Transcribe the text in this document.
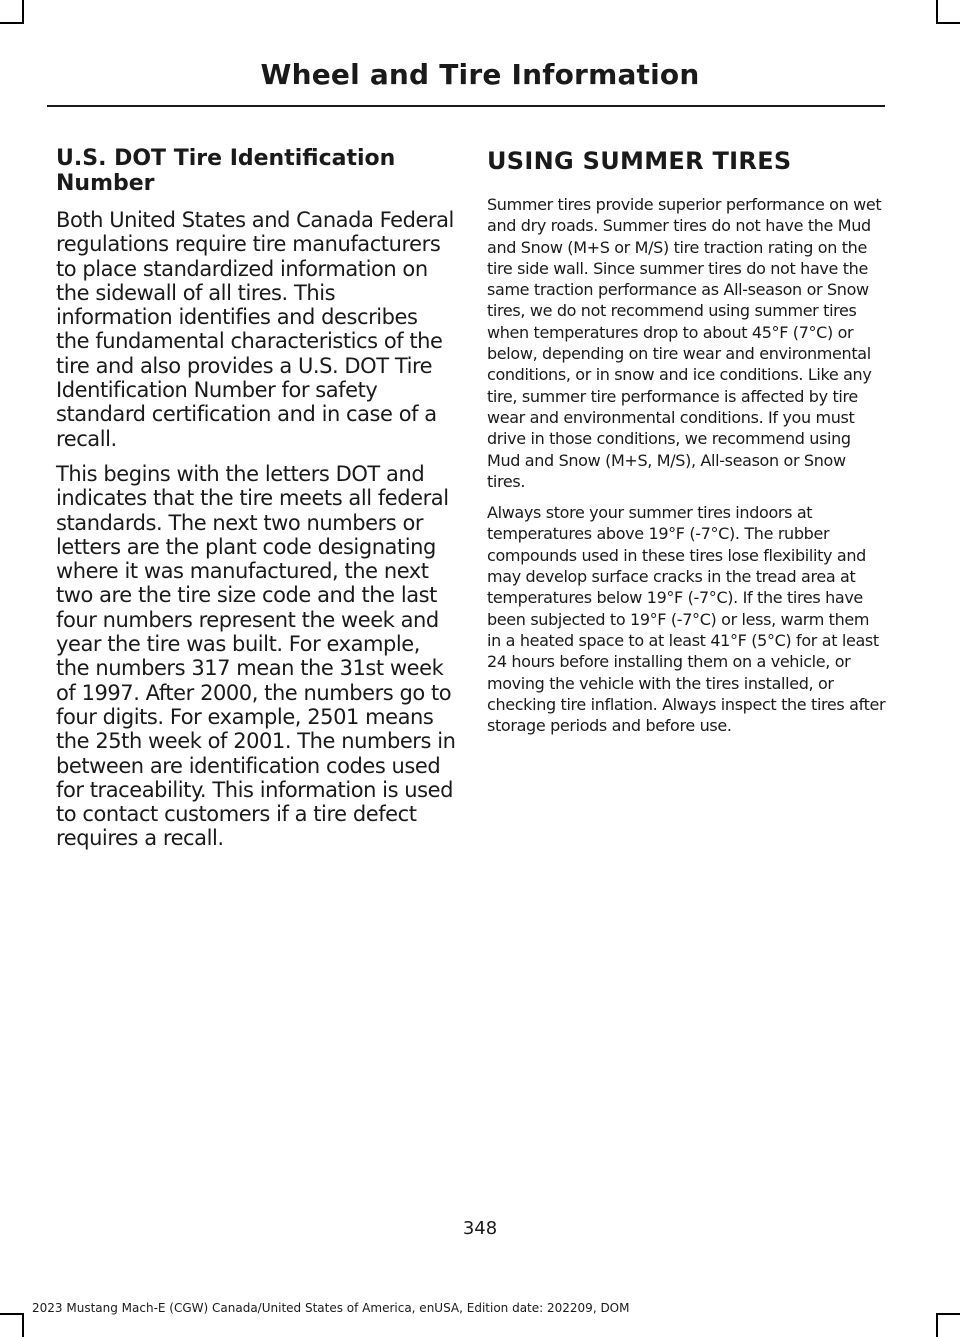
Wheel and Tire Information
U.S. DOT Tire Identification Number

Both United States and Canada Federal regulations require tire manufacturers to place standardized information on the sidewall of all tires. This information identifies and describes the fundamental characteristics of the tire and also provides a U.S. DOT Tire Identification Number for safety standard certification and in case of a recall.

This begins with the letters DOT and indicates that the tire meets all federal standards. The next two numbers or letters are the plant code designating where it was manufactured, the next two are the tire size code and the last four numbers represent the week and year the tire was built. For example, the numbers 317 mean the 31st week of 1997. After 2000, the numbers go to four digits. For example, 2501 means the 25th week of 2001. The numbers in between are identification codes used for traceability. This information is used to contact customers if a tire defect requires a recall.

USING SUMMER TIRES

Summer tires provide superior performance on wet and dry roads. Summer tires do not have the Mud and Snow (M+S or M/S) tire traction rating on the tire side wall. Since summer tires do not have the same traction performance as All-season or Snow tires, we do not recommend using summer tires when temperatures drop to about 45°F (7°C) or below, depending on tire wear and environmental conditions, or in snow and ice conditions. Like any tire, summer tire performance is affected by tire wear and environmental conditions. If you must drive in those conditions, we recommend using Mud and Snow (M+S, M/S), All-season or Snow tires.

Always store your summer tires indoors at temperatures above 19°F (-7°C). The rubber compounds used in these tires lose flexibility and may develop surface cracks in the tread area at temperatures below 19°F (-7°C). If the tires have been subjected to 19°F (-7°C) or less, warm them in a heated space to at least 41°F (5°C) for at least 24 hours before installing them on a vehicle, or moving the vehicle with the tires installed, or checking tire inflation. Always inspect the tires after storage periods and before use.

348
2023 Mustang Mach-E (CGW) Canada/United States of America, enUSA, Edition date: 202209, DOM
